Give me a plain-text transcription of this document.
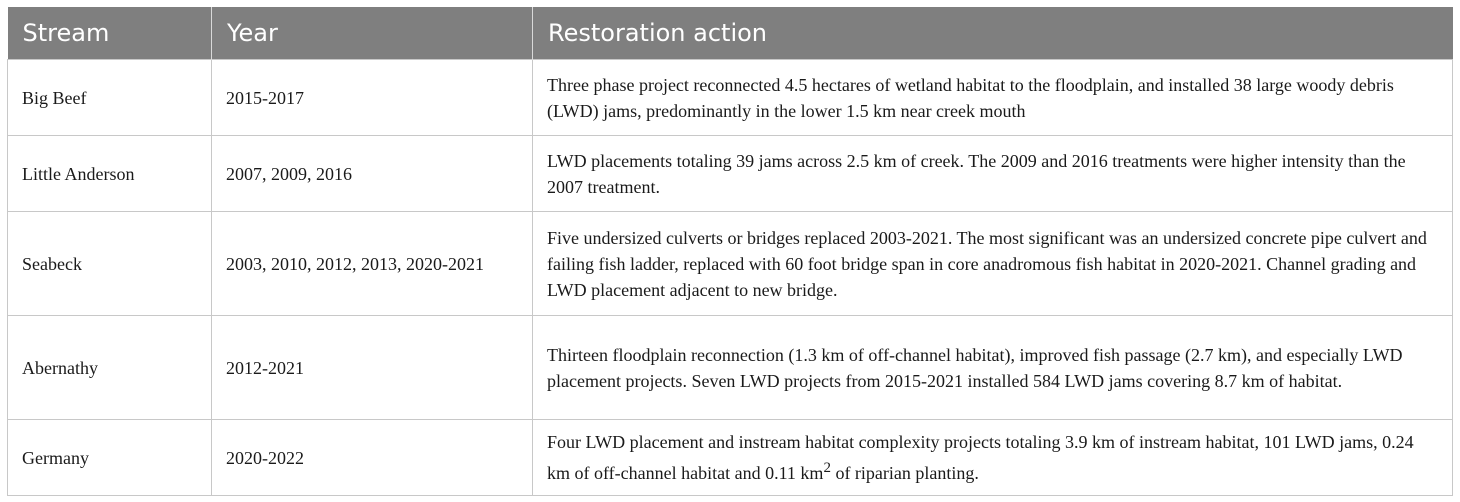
Stream	Year	Restoration action
Big Beef	2015-2017	Three phase project reconnected 4.5 hectares of wetland habitat to the floodplain, and installed 38 large woody debris (LWD) jams, predominantly in the lower 1.5 km near creek mouth
Little Anderson	2007, 2009, 2016	LWD placements totaling 39 jams across 2.5 km of creek. The 2009 and 2016 treatments were higher intensity than the 2007 treatment.
Seabeck	2003, 2010, 2012, 2013, 2020-2021	Five undersized culverts or bridges replaced 2003-2021. The most significant was an undersized concrete pipe culvert and failing fish ladder, replaced with 60 foot bridge span in core anadromous fish habitat in 2020-2021. Channel grading and LWD placement adjacent to new bridge.
Abernathy	2012-2021	Thirteen floodplain reconnection (1.3 km of off-channel habitat), improved fish passage (2.7 km), and especially LWD placement projects. Seven LWD projects from 2015-2021 installed 584 LWD jams covering 8.7 km of habitat.
Germany	2020-2022	Four LWD placement and instream habitat complexity projects totaling 3.9 km of instream habitat, 101 LWD jams, 0.24 km of off-channel habitat and 0.11 $km^2$ of riparian planting.
